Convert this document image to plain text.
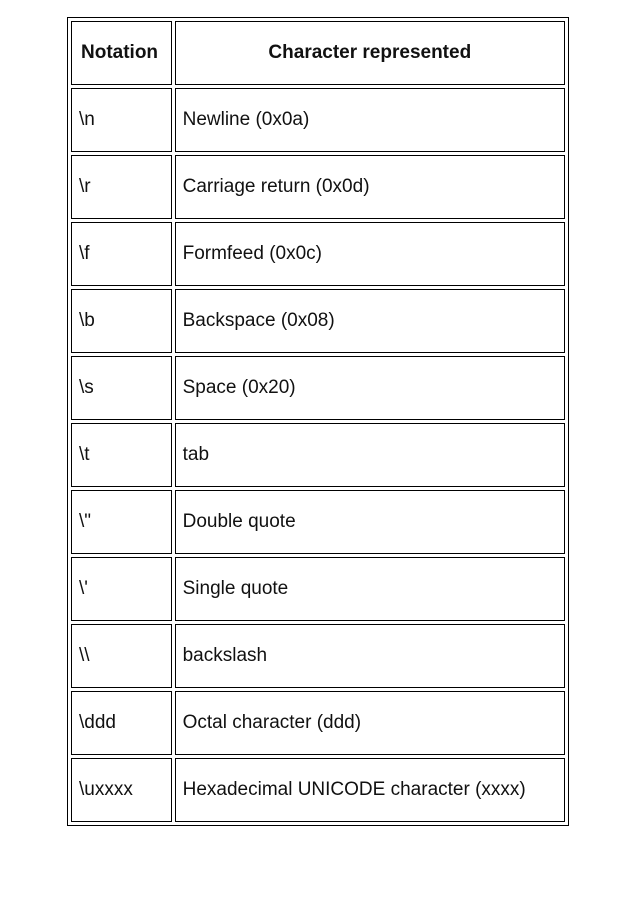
Notation	Character represented
\n	Newline (0x0a)
\r	Carriage return (0x0d)
\f	Formfeed (0x0c)
\b	Backspace (0x08)
\s	Space (0x20)
\t	tab
\"	Double quote
\'	Single quote
\\	backslash
\ddd	Octal character (ddd)
\uxxxx	Hexadecimal UNICODE character (xxxx)
